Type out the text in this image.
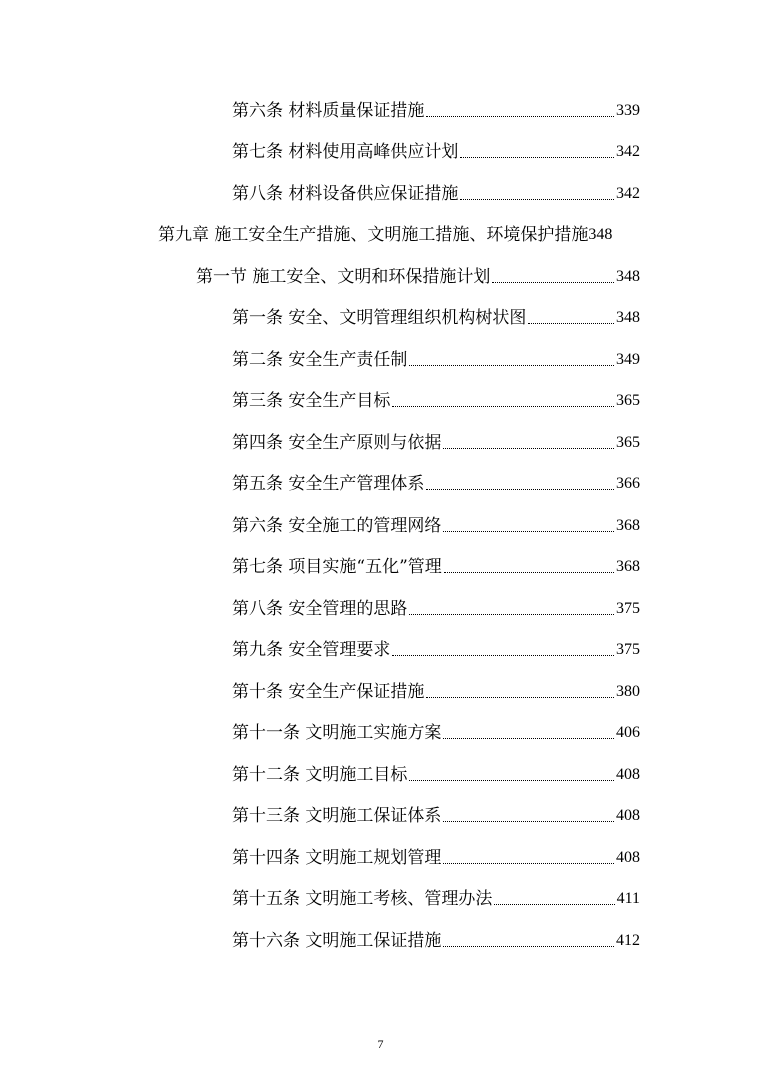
第六条 材料质量保证措施	339
第七条 材料使用高峰供应计划	342
第八条 材料设备供应保证措施	342
第九章 施工安全生产措施、文明施工措施、环境保护措施 348
第一节 施工安全、文明和环保措施计划	348
第一条 安全、文明管理组织机构树状图	348
第二条 安全生产责任制	349
第三条 安全生产目标	365
第四条 安全生产原则与依据	365
第五条 安全生产管理体系	366
第六条 安全施工的管理网络	368
第七条 项目实施“五化”管理	368
第八条 安全管理的思路	375
第九条 安全管理要求	375
第十条 安全生产保证措施	380
第十一条 文明施工实施方案	406
第十二条 文明施工目标	408
第十三条 文明施工保证体系	408
第十四条 文明施工规划管理	408
第十五条 文明施工考核、管理办法	411
第十六条 文明施工保证措施	412
7
